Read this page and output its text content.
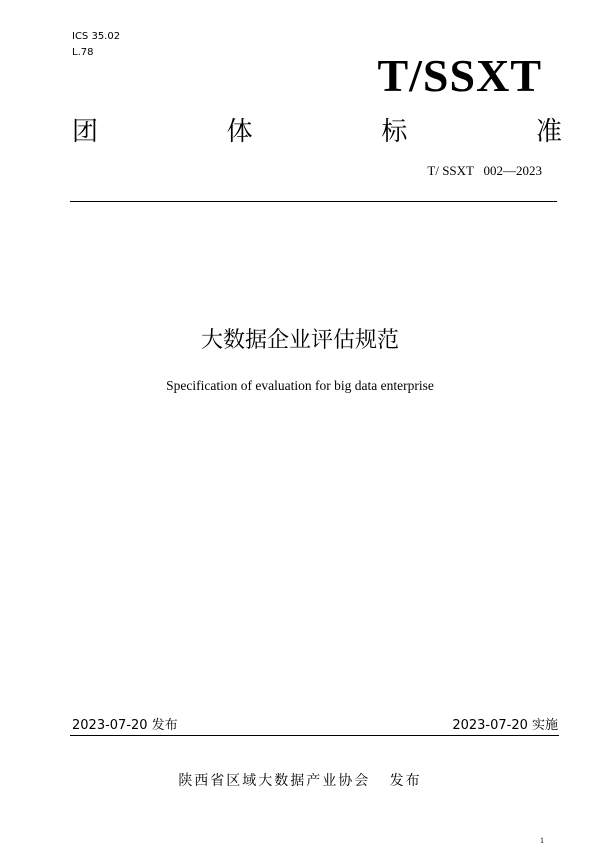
ICS 35.02
L.78	T/SSXT
团	体	标	准
T/ SSXT   002—2023
大数据企业评估规范
Specification of evaluation for big data enterprise
2023-07-20 发布	2023-07-20 实施
陕西省区域大数据产业协会 发布
1
